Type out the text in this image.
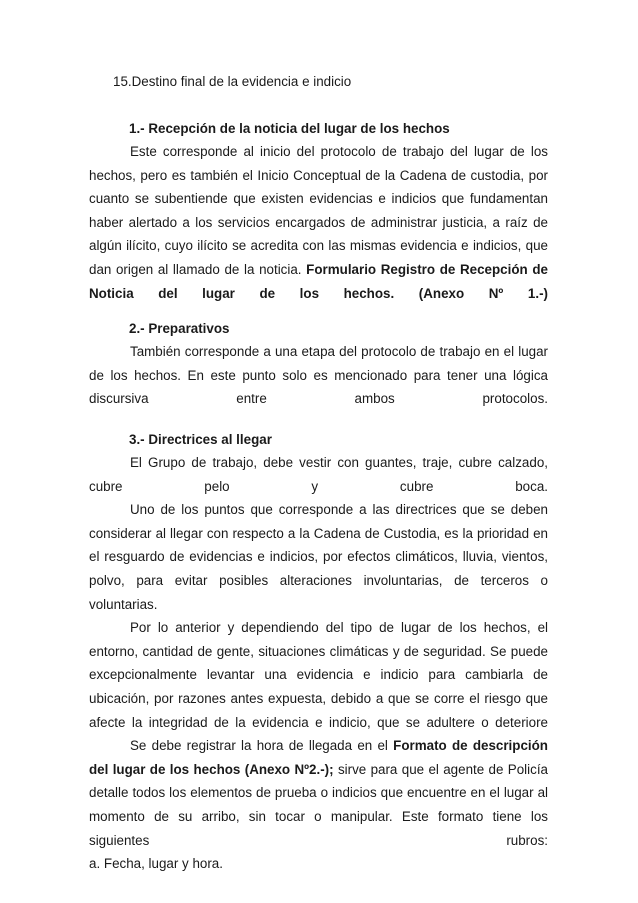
15.Destino final de la evidencia e indicio
1.- Recepción de la noticia del lugar de los hechos

Este corresponde al inicio del protocolo de trabajo del lugar de los hechos, pero es también el Inicio Conceptual de la Cadena de custodia, por cuanto se subentiende que existen evidencias e indicios que fundamentan haber alertado a los servicios encargados de administrar justicia, a raíz de algún ilícito, cuyo ilícito se acredita con las mismas evidencia e indicios, que dan origen al llamado de la noticia. Formulario Registro de Recepción de Noticia del lugar de los hechos. (Anexo Nº 1.-)

2.- Preparativos

También corresponde a una etapa del protocolo de trabajo en el lugar de los hechos. En este punto solo es mencionado para tener una lógica discursiva entre ambos protocolos.

3.- Directrices al llegar

El Grupo de trabajo, debe vestir con guantes, traje, cubre calzado, cubre pelo y cubre boca.

Uno de los puntos que corresponde a las directrices que se deben considerar al llegar con respecto a la Cadena de Custodia, es la prioridad en el resguardo de evidencias e indicios, por efectos climáticos, lluvia, vientos, polvo, para evitar posibles alteraciones involuntarias, de terceros o voluntarias.

Por lo anterior y dependiendo del tipo de lugar de los hechos, el entorno, cantidad de gente, situaciones climáticas y de seguridad. Se puede excepcionalmente levantar una evidencia e indicio para cambiarla de ubicación, por razones antes expuesta, debido a que se corre el riesgo que afecte la integridad de la evidencia e indicio, que se adultere o deteriore

Se debe registrar la hora de llegada en el Formato de descripción del lugar de los hechos (Anexo Nº2.-); sirve para que el agente de Policía detalle todos los elementos de prueba o indicios que encuentre en el lugar al momento de su arribo, sin tocar o manipular. Este formato tiene los siguientes rubros:

a. Fecha, lugar y hora.
